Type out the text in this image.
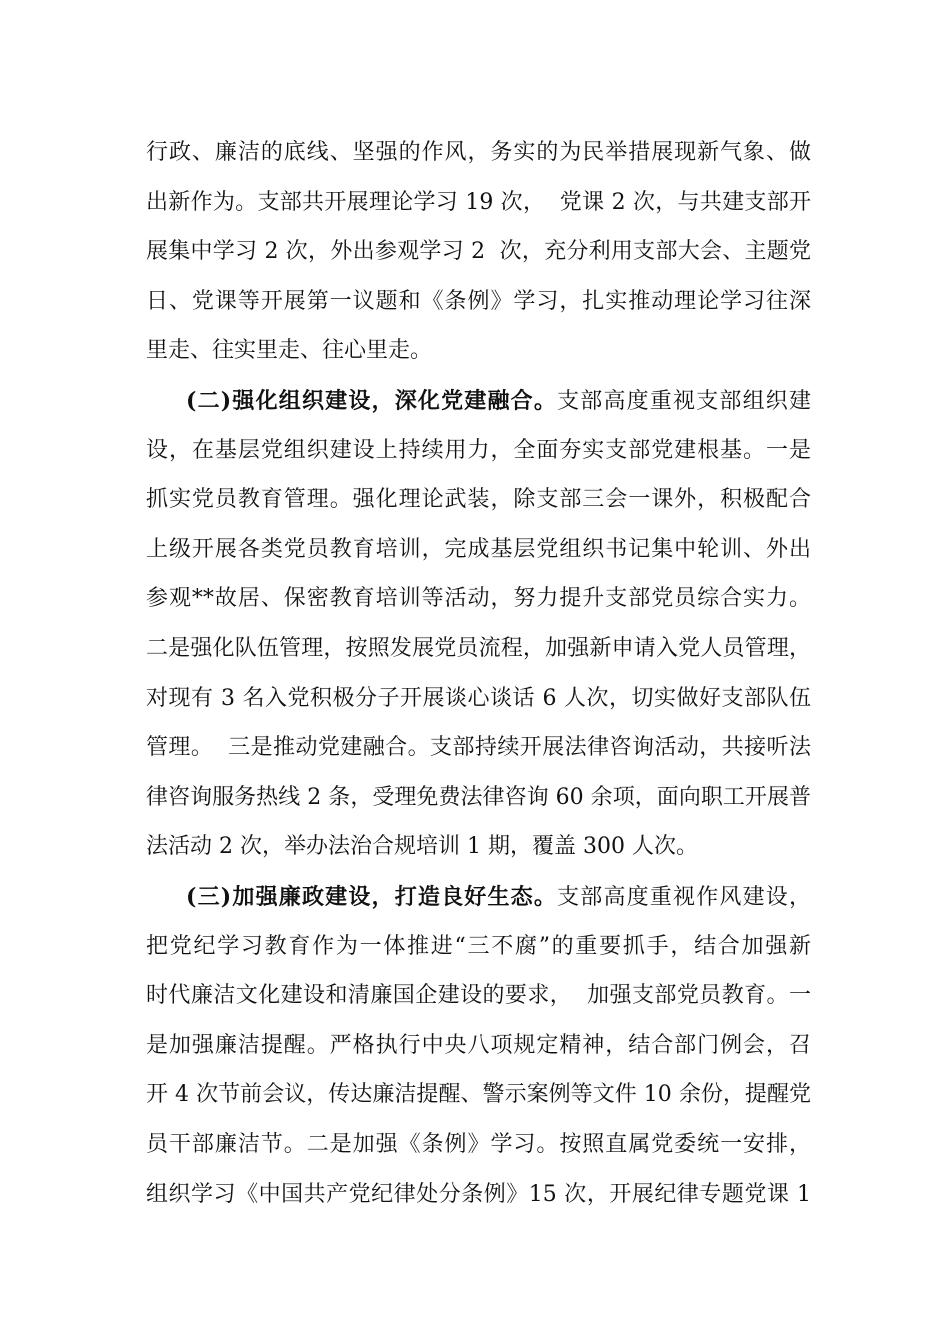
行政、廉洁的底线、坚强的作风，务实的为民举措展现新气象、做
出新作为。支部共开展理论学习 19 次，  党课 2 次，与共建支部开
展集中学习 2 次，外出参观学习 2  次，充分利用支部大会、主题党
日、党课等开展第一议题和《条例》学习，扎实推动理论学习往深
里走、往实里走、往心里走。
(二)强化组织建设，深化党建融合。支部高度重视支部组织建
设，在基层党组织建设上持续用力，全面夯实支部党建根基。一是
抓实党员教育管理。强化理论武装，除支部三会一课外，积极配合
上级开展各类党员教育培训，完成基层党组织书记集中轮训、外出
参观**故居、保密教育培训等活动，努力提升支部党员综合实力。
二是强化队伍管理，按照发展党员流程，加强新申请入党人员管理，
对现有 3 名入党积极分子开展谈心谈话 6 人次，切实做好支部队伍
管理。  三是推动党建融合。支部持续开展法律咨询活动，共接听法
律咨询服务热线 2 条，受理免费法律咨询 60 余项，面向职工开展普
法活动 2 次，举办法治合规培训 1 期，覆盖 300 人次。
(三)加强廉政建设，打造良好生态。支部高度重视作风建设，
把党纪学习教育作为一体推进“三不腐”的重要抓手，结合加强新
时代廉洁文化建设和清廉国企建设的要求，  加强支部党员教育。一
是加强廉洁提醒。严格执行中央八项规定精神，结合部门例会，召
开 4 次节前会议，传达廉洁提醒、警示案例等文件 10 余份，提醒党
员干部廉洁节。二是加强《条例》学习。按照直属党委统一安排，
组织学习《中国共产党纪律处分条例》15 次，开展纪律专题党课 1
